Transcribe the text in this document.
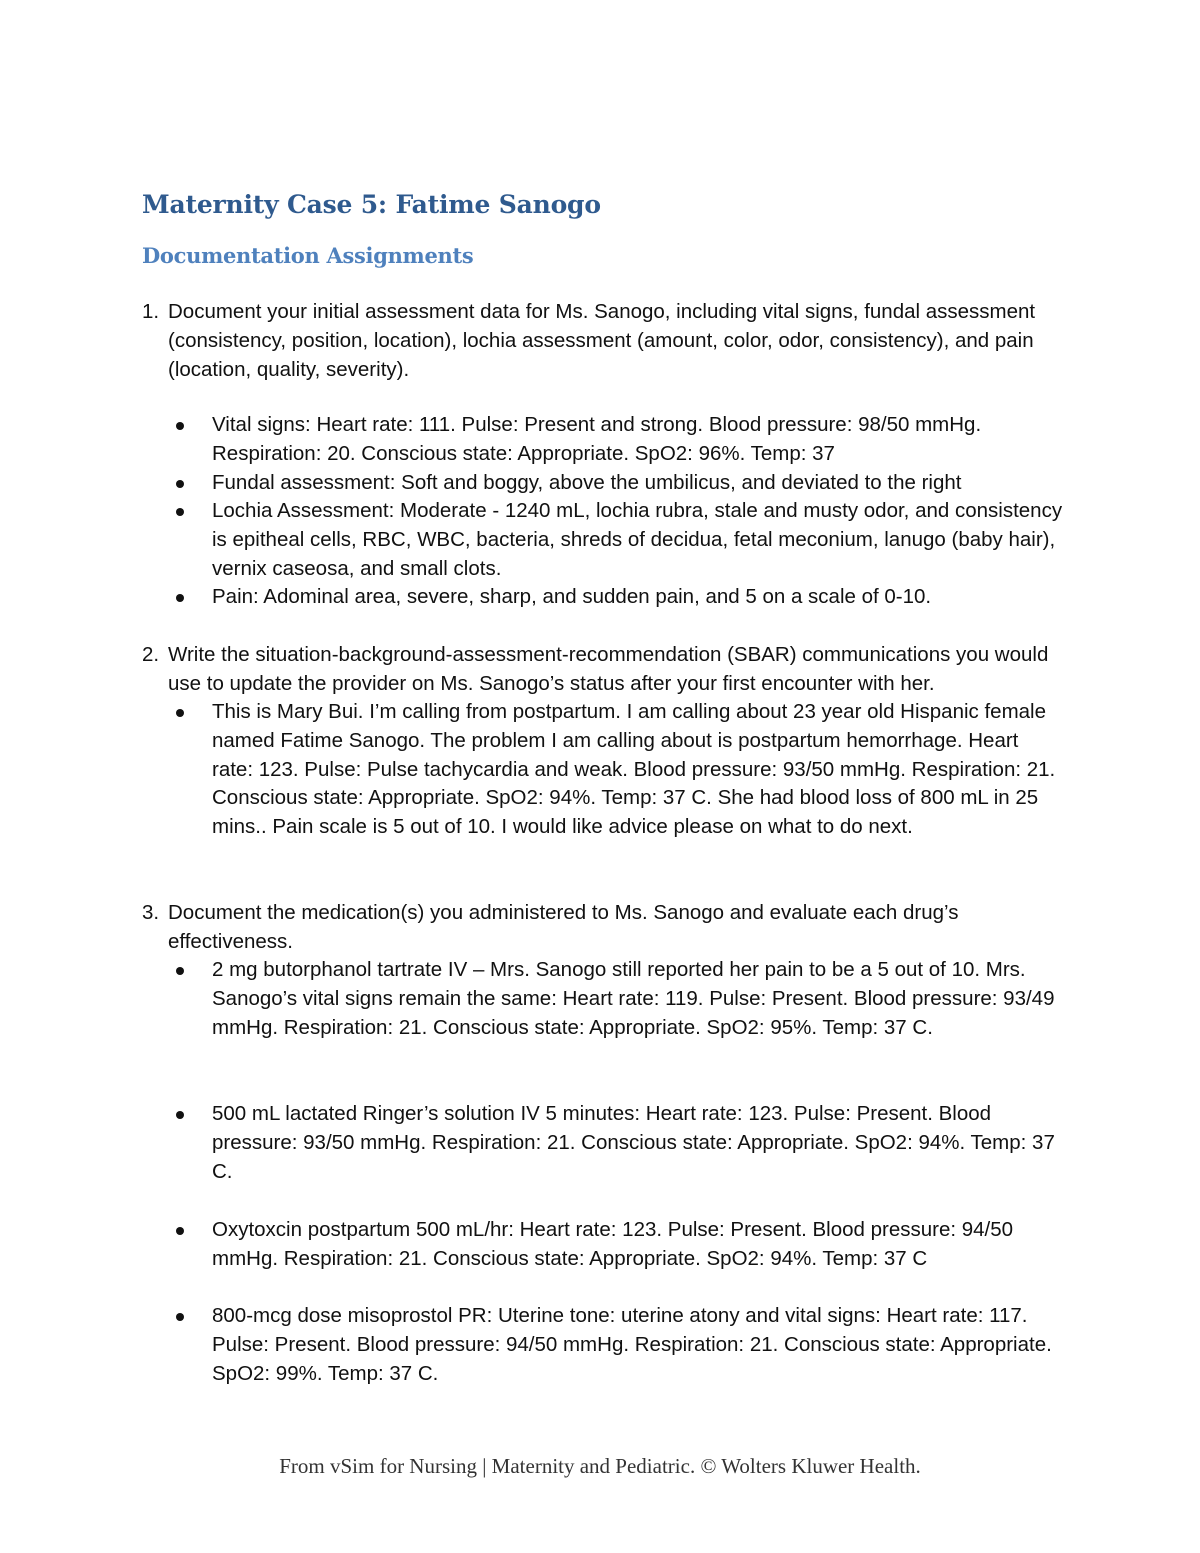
Maternity Case 5: Fatime Sanogo
Documentation Assignments
1. Document your initial assessment data for Ms. Sanogo, including vital signs, fundal assessment (consistency, position, location), lochia assessment (amount, color, odor, consistency), and pain (location, quality, severity).
Vital signs: Heart rate: 111. Pulse: Present and strong. Blood pressure: 98/50 mmHg. Respiration: 20. Conscious state: Appropriate. SpO2: 96%. Temp: 37
Fundal assessment: Soft and boggy, above the umbilicus, and deviated to the right
Lochia Assessment: Moderate - 1240 mL, lochia rubra, stale and musty odor, and consistency is epitheal cells, RBC, WBC, bacteria, shreds of decidua, fetal meconium, lanugo (baby hair), vernix caseosa, and small clots.
Pain: Adominal area, severe, sharp, and sudden pain, and 5 on a scale of 0-10.
2. Write the situation-background-assessment-recommendation (SBAR) communications you would use to update the provider on Ms. Sanogo’s status after your first encounter with her.
This is Mary Bui. I’m calling from postpartum. I am calling about 23 year old Hispanic female named Fatime Sanogo. The problem I am calling about is postpartum hemorrhage. Heart rate: 123. Pulse: Pulse tachycardia and weak. Blood pressure: 93/50 mmHg. Respiration: 21. Conscious state: Appropriate. SpO2: 94%. Temp: 37 C. She had blood loss of 800 mL in 25 mins.. Pain scale is 5 out of 10. I would like advice please on what to do next.
3. Document the medication(s) you administered to Ms. Sanogo and evaluate each drug’s effectiveness.
2 mg butorphanol tartrate IV – Mrs. Sanogo still reported her pain to be a 5 out of 10. Mrs. Sanogo’s vital signs remain the same: Heart rate: 119. Pulse: Present. Blood pressure: 93/49 mmHg. Respiration: 21. Conscious state: Appropriate. SpO2: 95%. Temp: 37 C.
500 mL lactated Ringer’s solution IV 5 minutes: Heart rate: 123. Pulse: Present. Blood pressure: 93/50 mmHg. Respiration: 21. Conscious state: Appropriate. SpO2: 94%. Temp: 37 C.
Oxytoxcin postpartum 500 mL/hr: Heart rate: 123. Pulse: Present. Blood pressure: 94/50 mmHg. Respiration: 21. Conscious state: Appropriate. SpO2: 94%. Temp: 37 C
800-mcg dose misoprostol PR: Uterine tone: uterine atony and vital signs: Heart rate: 117. Pulse: Present. Blood pressure: 94/50 mmHg. Respiration: 21. Conscious state: Appropriate. SpO2: 99%. Temp: 37 C.

From vSim for Nursing | Maternity and Pediatric. © Wolters Kluwer Health.
